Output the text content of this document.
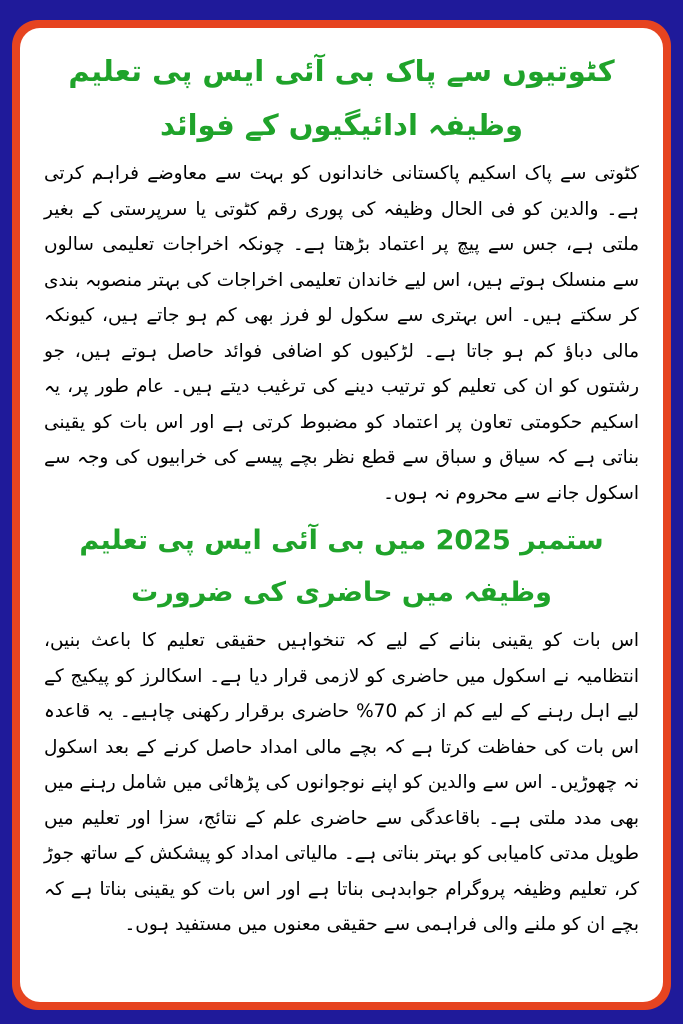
کٹوتیوں سے پاک بی آئی ایس پی تعلیم وظیفہ ادائیگیوں کے فوائد

کٹوتی سے پاک اسکیم پاکستانی خاندانوں کو بہت سے معاوضے فراہم کرتی ہے۔ والدین کو فی الحال وظیفہ کی پوری رقم کٹوتی یا سرپرستی کے بغیر ملتی ہے، جس سے پیچ پر اعتماد بڑھتا ہے۔ چونکہ اخراجات تعلیمی سالوں سے منسلک ہوتے ہیں، اس لیے خاندان تعلیمی اخراجات کی بہتر منصوبہ بندی کر سکتے ہیں۔ اس بہتری سے سکول لو فرز بھی کم ہو جاتے ہیں، کیونکہ مالی دباؤ کم ہو جاتا ہے۔ لڑکیوں کو اضافی فوائد حاصل ہوتے ہیں، جو رشتوں کو ان کی تعلیم کو ترتیب دینے کی ترغیب دیتے ہیں۔ عام طور پر، یہ اسکیم حکومتی تعاون پر اعتماد کو مضبوط کرتی ہے اور اس بات کو یقینی بناتی ہے کہ سیاق و سباق سے قطع نظر بچے پیسے کی خرابیوں کی وجہ سے اسکول جانے سے محروم نہ ہوں۔

ستمبر 2025 میں بی آئی ایس پی تعلیم وظیفہ میں حاضری کی ضرورت

اس بات کو یقینی بنانے کے لیے کہ تنخواہیں حقیقی تعلیم کا باعث بنیں، انتظامیہ نے اسکول میں حاضری کو لازمی قرار دیا ہے۔ اسکالرز کو پیکیج کے لیے اہل رہنے کے لیے کم از کم 70% حاضری برقرار رکھنی چاہیے۔ یہ قاعدہ اس بات کی حفاظت کرتا ہے کہ بچے مالی امداد حاصل کرنے کے بعد اسکول نہ چھوڑیں۔ اس سے والدین کو اپنے نوجوانوں کی پڑھائی میں شامل رہنے میں بھی مدد ملتی ہے۔ باقاعدگی سے حاضری علم کے نتائج، سزا اور تعلیم میں طویل مدتی کامیابی کو بہتر بناتی ہے۔ مالیاتی امداد کو پیشکش کے ساتھ جوڑ کر، تعلیم وظیفہ پروگرام جوابدہی بناتا ہے اور اس بات کو یقینی بناتا ہے کہ بچے ان کو ملنے والی فراہمی سے حقیقی معنوں میں مستفید ہوں۔
